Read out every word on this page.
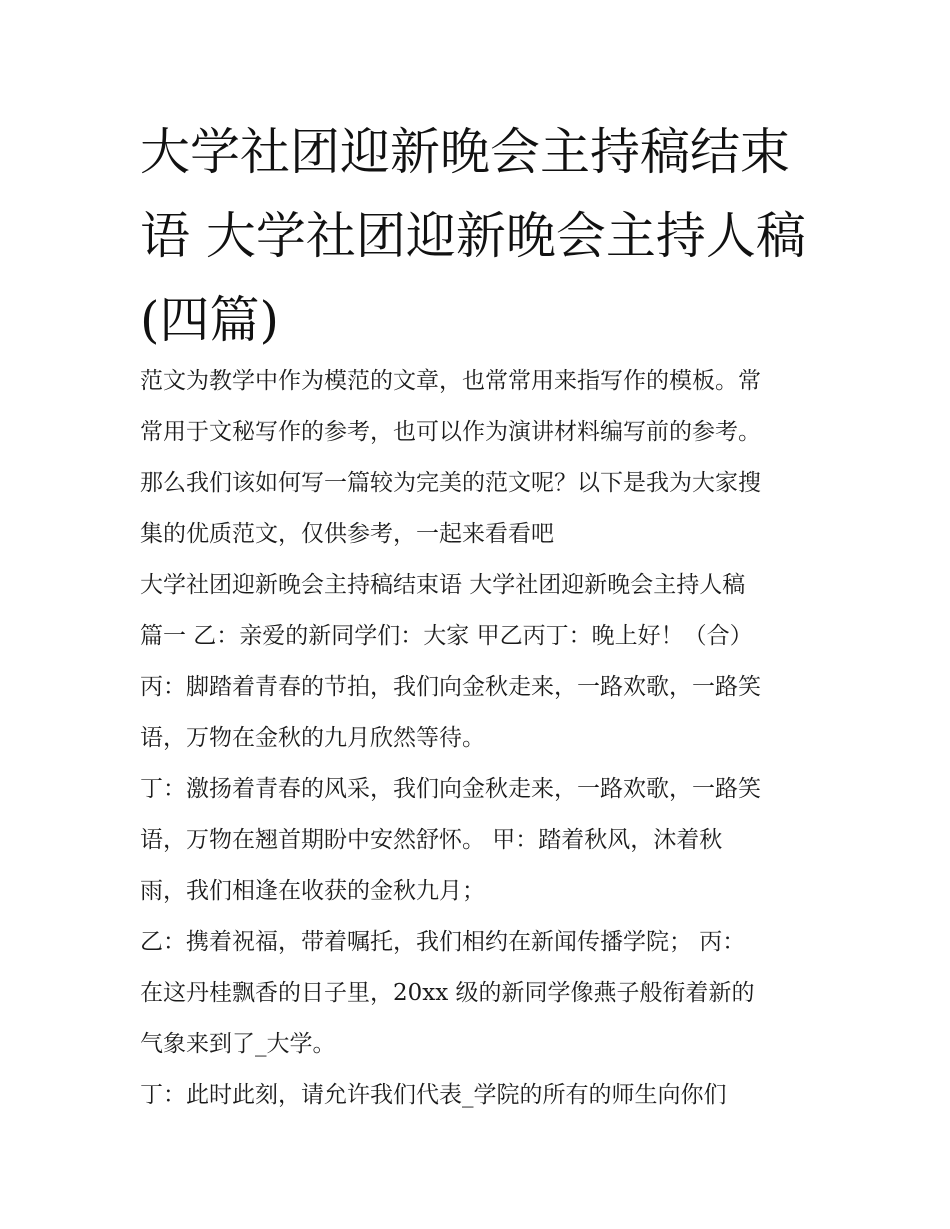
大学社团迎新晚会主持稿结束
语 大学社团迎新晚会主持人稿
(四篇)
范文为教学中作为模范的文章，也常常用来指写作的模板。常
常用于文秘写作的参考，也可以作为演讲材料编写前的参考。
那么我们该如何写一篇较为完美的范文呢？以下是我为大家搜
集的优质范文，仅供参考，一起来看看吧
大学社团迎新晚会主持稿结束语 大学社团迎新晚会主持人稿
篇一 乙：亲爱的新同学们：大家 甲乙丙丁：晚上好！（合）
丙：脚踏着青春的节拍，我们向金秋走来，一路欢歌，一路笑
语，万物在金秋的九月欣然等待。
丁：激扬着青春的风采，我们向金秋走来，一路欢歌，一路笑
语，万物在翘首期盼中安然舒怀。 甲：踏着秋风，沐着秋
雨，我们相逢在收获的金秋九月；
乙：携着祝福，带着嘱托，我们相约在新闻传播学院； 丙：
在这丹桂飘香的日子里，20xx 级的新同学像燕子般衔着新的
气象来到了_大学。
丁：此时此刻，请允许我们代表_学院的所有的师生向你们
